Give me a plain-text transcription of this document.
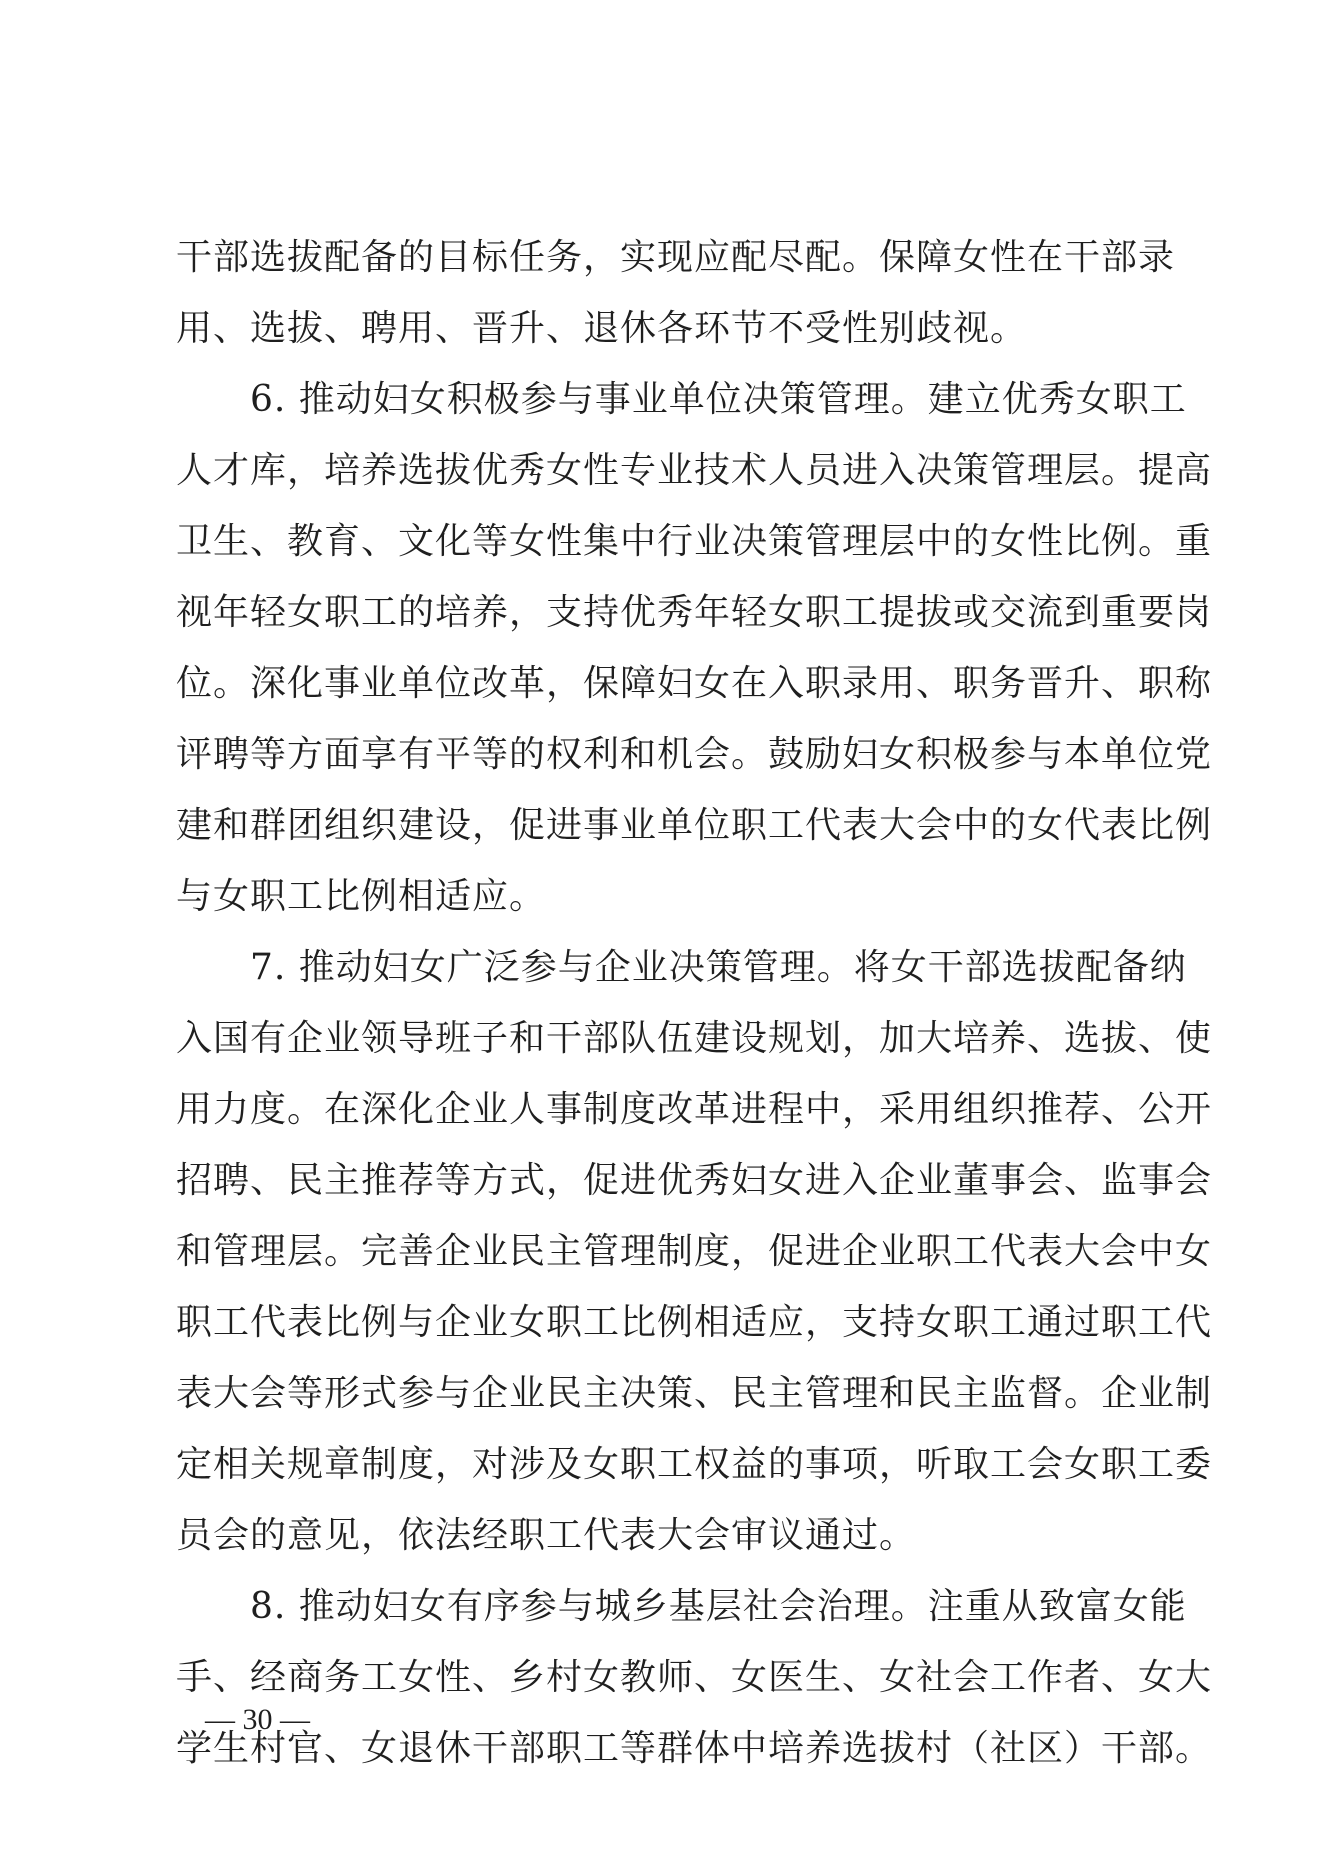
干部选拔配备的目标任务，实现应配尽配。保障女性在干部录
用、选拔、聘用、晋升、退休各环节不受性别歧视。
　　6. 推动妇女积极参与事业单位决策管理。建立优秀女职工
人才库，培养选拔优秀女性专业技术人员进入决策管理层。提高
卫生、教育、文化等女性集中行业决策管理层中的女性比例。重
视年轻女职工的培养，支持优秀年轻女职工提拔或交流到重要岗
位。深化事业单位改革，保障妇女在入职录用、职务晋升、职称
评聘等方面享有平等的权利和机会。鼓励妇女积极参与本单位党
建和群团组织建设，促进事业单位职工代表大会中的女代表比例
与女职工比例相适应。
　　7. 推动妇女广泛参与企业决策管理。将女干部选拔配备纳
入国有企业领导班子和干部队伍建设规划，加大培养、选拔、使
用力度。在深化企业人事制度改革进程中，采用组织推荐、公开
招聘、民主推荐等方式，促进优秀妇女进入企业董事会、监事会
和管理层。完善企业民主管理制度，促进企业职工代表大会中女
职工代表比例与企业女职工比例相适应，支持女职工通过职工代
表大会等形式参与企业民主决策、民主管理和民主监督。企业制
定相关规章制度，对涉及女职工权益的事项，听取工会女职工委
员会的意见，依法经职工代表大会审议通过。
　　8. 推动妇女有序参与城乡基层社会治理。注重从致富女能
手、经商务工女性、乡村女教师、女医生、女社会工作者、女大
学生村官、女退休干部职工等群体中培养选拔村（社区）干部。
— 30 —
